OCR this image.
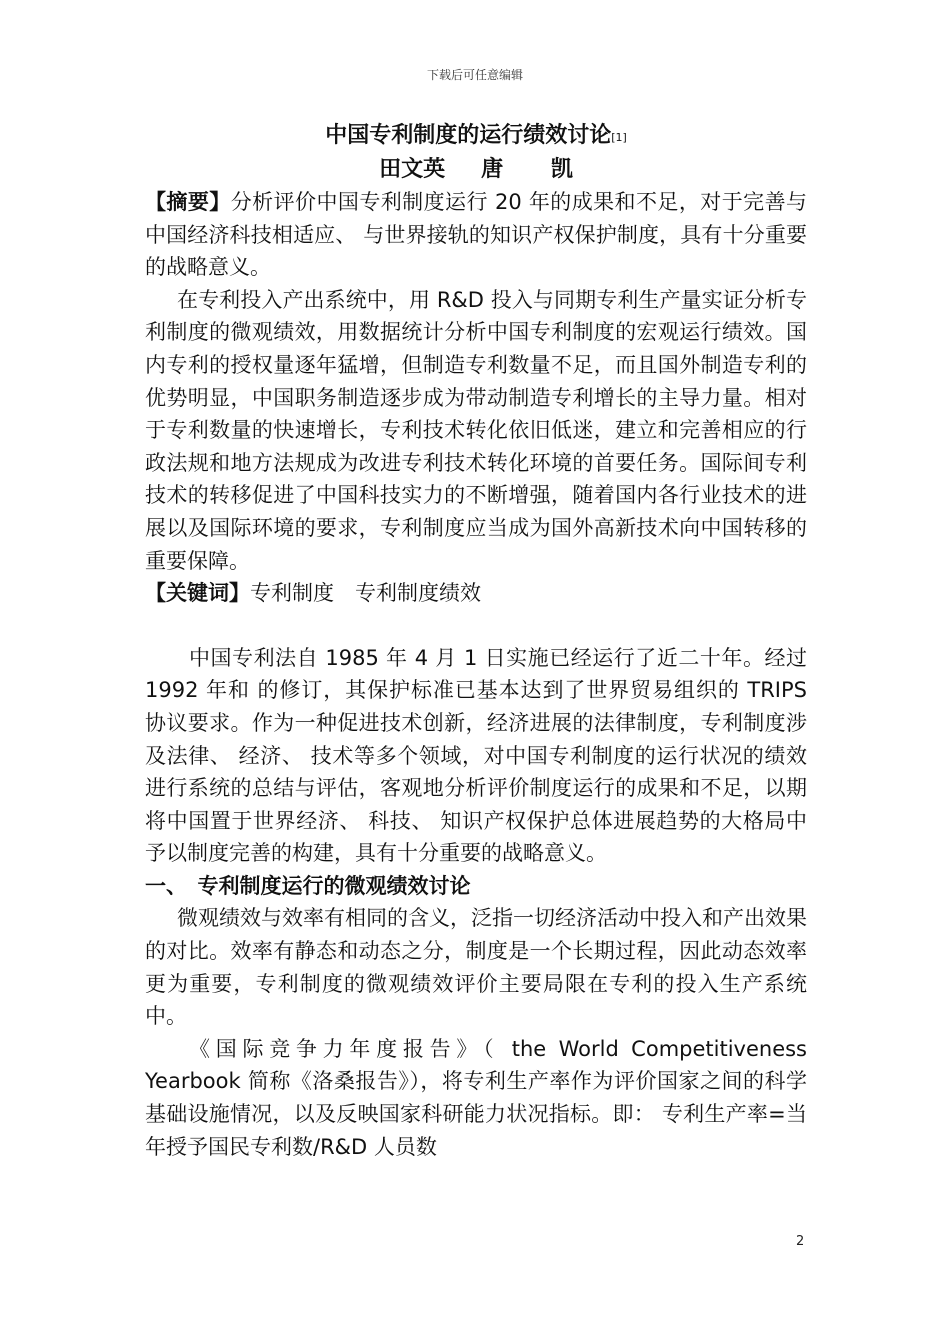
下载后可任意编辑
中国专利制度的运行绩效讨论[1]
田文英 唐 凯

【摘要】分析评价中国专利制度运行 20 年的成果和不足，对于完善与中国经济科技相适应、 与世界接轨的知识产权保护制度，具有十分重要的战略意义。

在专利投入产出系统中，用 R&D 投入与同期专利生产量实证分析专利制度的微观绩效，用数据统计分析中国专利制度的宏观运行绩效。国内专利的授权量逐年猛增，但制造专利数量不足，而且国外制造专利的优势明显，中国职务制造逐步成为带动制造专利增长的主导力量。相对于专利数量的快速增长，专利技术转化依旧低迷，建立和完善相应的行政法规和地方法规成为改进专利技术转化环境的首要任务。国际间专利技术的转移促进了中国科技实力的不断增强，随着国内各行业技术的进展以及国际环境的要求，专利制度应当成为国外高新技术向中国转移的重要保障。

【关键词】专利制度　专利制度绩效

中国专利法自 1985 年 4 月 1 日实施已经运行了近二十年。经过 1992 年和 的修订，其保护标准已基本达到了世界贸易组织的 TRIPS 协议要求。作为一种促进技术创新，经济进展的法律制度，专利制度涉及法律、 经济、 技术等多个领域，对中国专利制度的运行状况的绩效进行系统的总结与评估，客观地分析评价制度运行的成果和不足，以期将中国置于世界经济、 科技、 知识产权保护总体进展趋势的大格局中予以制度完善的构建，具有十分重要的战略意义。

一、　专利制度运行的微观绩效讨论

微观绩效与效率有相同的含义，泛指一切经济活动中投入和产出效果的对比。效率有静态和动态之分，制度是一个长期过程，因此动态效率更为重要，专利制度的微观绩效评价主要局限在专利的投入生产系统中。

《国际竞争力年度报告》（ the World Competitiveness Yearbook 简称《洛桑报告》），将专利生产率作为评价国家之间的科学基础设施情况，以及反映国家科研能力状况指标。即： 专利生产率=当年授予国民专利数/R&D 人员数

2
